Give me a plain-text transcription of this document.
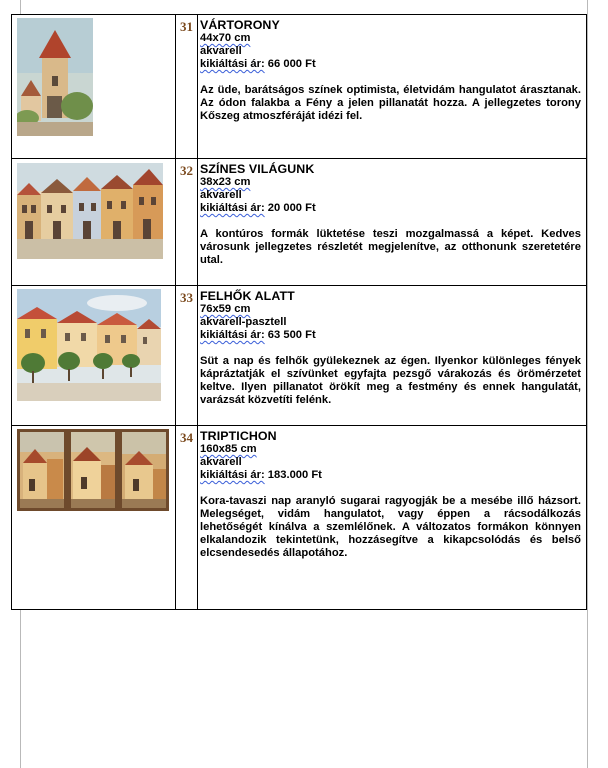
	31	VÁRTORONY
44x70 cm
akvarell
kikiáltási ár: 66 000 Ft
Az üde, barátságos színek optimista, életvidám hangulatot árasztanak. Az ódon falakba a Fény a jelen pillanatát hozza. A jellegzetes torony Kőszeg atmoszféráját idézi fel.

	32	SZÍNES VILÁGUNK
38x23 cm
akvarell
kikiáltási ár: 20 000 Ft
A kontúros formák lüktetése teszi mozgalmassá a képet. Kedves városunk jellegzetes részletét megjelenítve, az otthonunk szeretetére utal.

	33	FELHŐK ALATT
76x59 cm
akvarell-pasztell
kikiáltási ár: 63 500 Ft
Süt a nap és felhők gyülekeznek az égen. Ilyenkor különleges fények kápráztatják el szívünket egyfajta pezsgő várakozás és örömérzetet keltve. Ilyen pillanatot örökít meg a festmény és ennek hangulatát, varázsát közvetíti felénk.

	34	TRIPTICHON
160x85 cm
akvarell
kikiáltási ár: 183.000 Ft
Kora-tavaszi nap aranyló sugarai ragyogják be a mesébe illő házsort. Melegséget, vidám hangulatot, vagy éppen a rácsodálkozás lehetőségét kínálva a szemlélőnek. A változatos formákon könnyen elkalandozik tekintetünk, hozzásegítve a kikapcsolódás és belső elcsendesedés állapotához.
